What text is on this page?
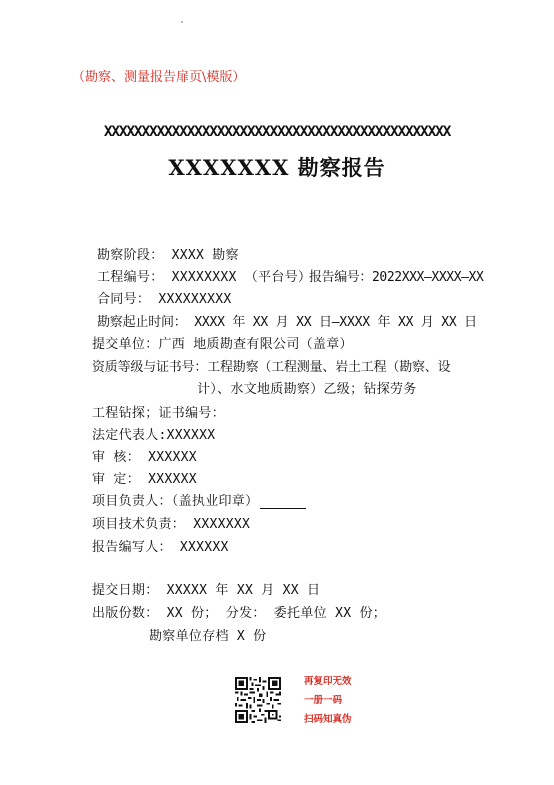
（勘察、测量报告扉页\模版）
XXXXXXXXXXXXXXXXXXXXXXXXXXXXXXXXXXXXXXXXXXXXXX
XXXXXXX 勘察报告
勘察阶段： XXXX 勘察
工程编号： XXXXXXXX （平台号）
报告编号：2022XXX—XXXX—XX
合同号： XXXXXXXXX
勘察起止时间： XXXX 年 XX 月 XX 日—XXXX 年 XX 月 XX 日
提交单位：广西 地质勘查有限公司（盖章）
资质等级与证书号：工程勘察（工程测量、岩土工程（勘察、设
计）、水文地质勘察）乙级；钻探劳务
工程钻探；证书编号：
法定代表人:XXXXXX
审 核： XXXXXX
审 定： XXXXXX
项目负责人：（盖执业印章）
项目技术负责： XXXXXXX
报告编写人： XXXXXX
提交日期： XXXXX 年 XX 月 XX 日
出版份数： XX 份； 分发： 委托单位 XX 份；
勘察单位存档 X 份
再复印无效
一册一码
扫码知真伪
